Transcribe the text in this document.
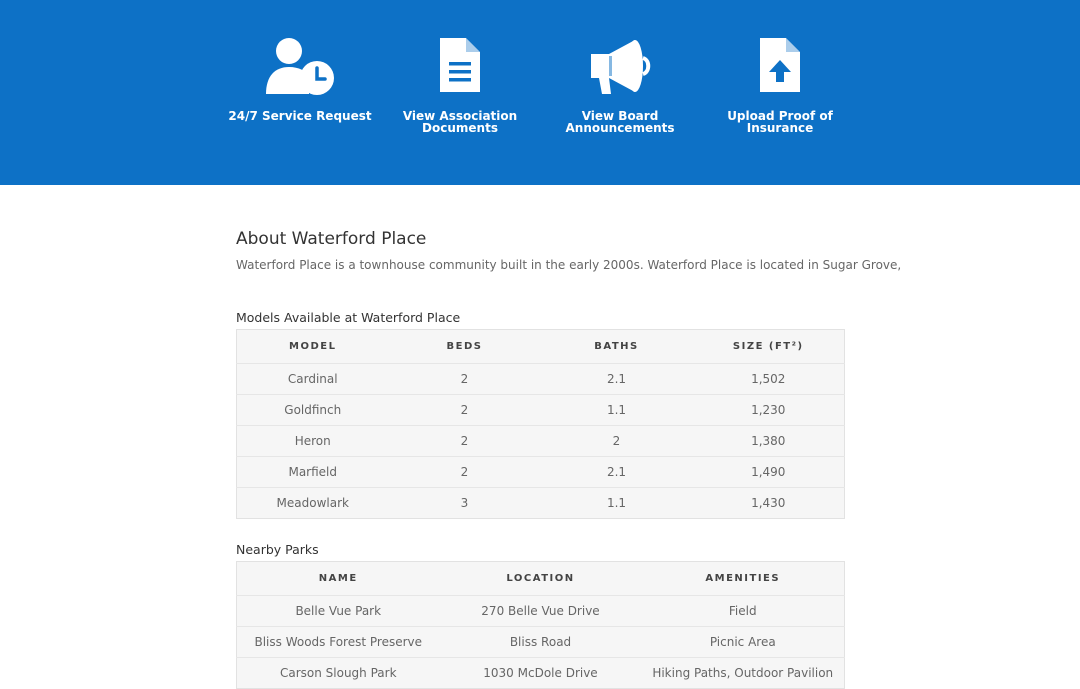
24/7 Service Request	View Association
Documents
View Board
Announcements
Upload Proof of
Insurance
About Waterford Place

Waterford Place is a townhouse community built in the early 2000s. Waterford Place is located in Sugar Grove,

Models Available at Waterford Place

MODEL	BEDS	BATHS	SIZE (FT²)
Cardinal	2	2.1	1,502
Goldfinch	2	1.1	1,230
Heron	2	2	1,380
Marfield	2	2.1	1,490
Meadowlark	3	1.1	1,430

Nearby Parks

NAME	LOCATION	AMENITIES
Belle Vue Park	270 Belle Vue Drive	Field
Bliss Woods Forest Preserve	Bliss Road	Picnic Area
Carson Slough Park	1030 McDole Drive	Hiking Paths, Outdoor Pavilion
